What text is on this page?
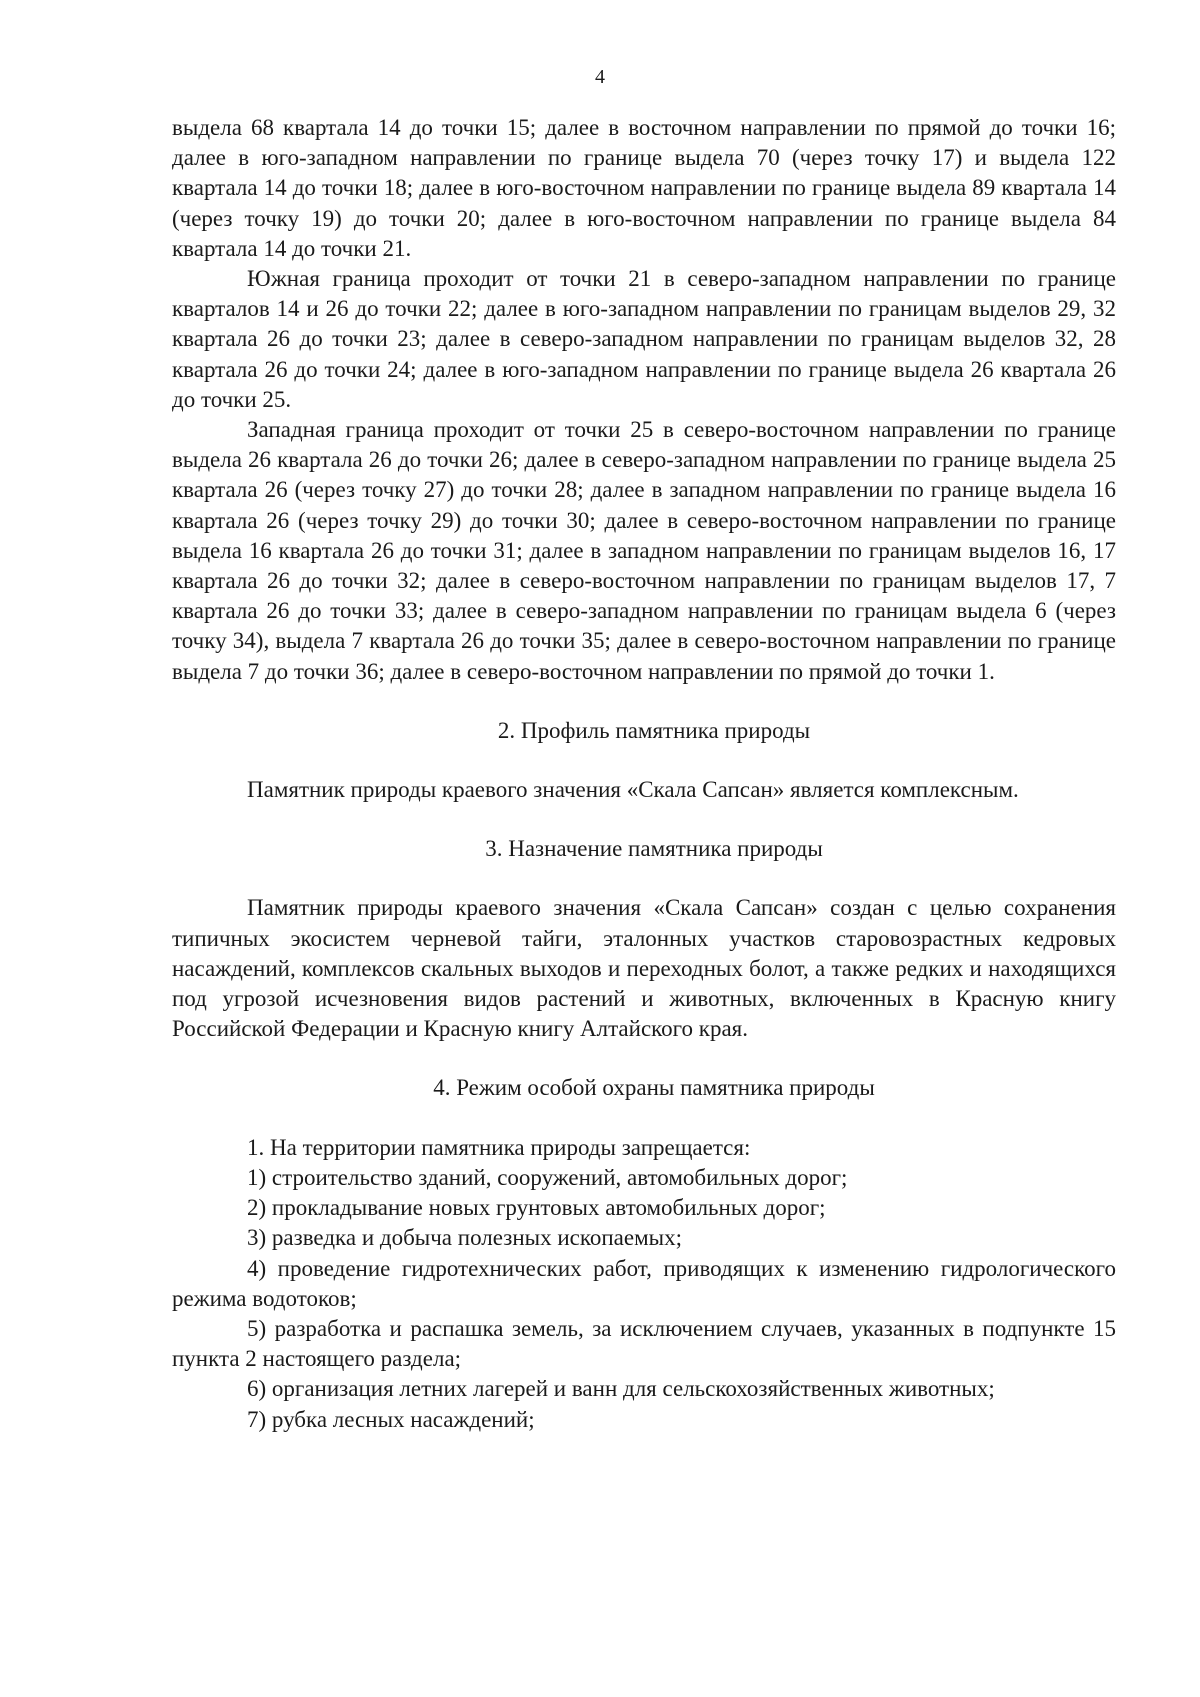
4

выдела 68 квартала 14 до точки 15; далее в восточном направлении по прямой до точки 16; далее в юго-западном направлении по границе выдела 70 (через точку 17) и выдела 122 квартала 14 до точки 18; далее в юго-восточном направлении по границе выдела 89 квартала 14 (через точку 19) до точки 20; далее в юго-восточном направлении по границе выдела 84 квартала 14 до точки 21.

Южная граница проходит от точки 21 в северо-западном направлении по границе кварталов 14 и 26 до точки 22; далее в юго-западном направлении по границам выделов 29, 32 квартала 26 до точки 23; далее в северо-западном направлении по границам выделов 32, 28 квартала 26 до точки 24; далее в юго-западном направлении по границе выдела 26 квартала 26 до точки 25.

Западная граница проходит от точки 25 в северо-восточном направлении по границе выдела 26 квартала 26 до точки 26; далее в северо-западном направлении по границе выдела 25 квартала 26 (через точку 27) до точки 28; далее в западном направлении по границе выдела 16 квартала 26 (через точку 29) до точки 30; далее в северо-восточном направлении по границе выдела 16 квартала 26 до точки 31; далее в западном направлении по границам выделов 16, 17 квартала 26 до точки 32; далее в северо-восточном направлении по границам выделов 17, 7 квартала 26 до точки 33; далее в северо-западном направлении по границам выдела 6 (через точку 34), выдела 7 квартала 26 до точки 35; далее в северо-восточном направлении по границе выдела 7 до точки 36; далее в северо-восточном направлении по прямой до точки 1.

2. Профиль памятника природы

Памятник природы краевого значения «Скала Сапсан» является комплексным.

3. Назначение памятника природы

Памятник природы краевого значения «Скала Сапсан» создан с целью сохранения типичных экосистем черневой тайги, эталонных участков старовозрастных кедровых насаждений, комплексов скальных выходов и переходных болот, а также редких и находящихся под угрозой исчезновения видов растений и животных, включенных в Красную книгу Российской Федерации и Красную книгу Алтайского края.

4. Режим особой охраны памятника природы

1. На территории памятника природы запрещается:

1) строительство зданий, сооружений, автомобильных дорог;

2) прокладывание новых грунтовых автомобильных дорог;

3) разведка и добыча полезных ископаемых;

4) проведение гидротехнических работ, приводящих к изменению гидрологического режима водотоков;

5) разработка и распашка земель, за исключением случаев, указанных в подпункте 15 пункта 2 настоящего раздела;

6) организация летних лагерей и ванн для сельскохозяйственных животных;

7) рубка лесных насаждений;
